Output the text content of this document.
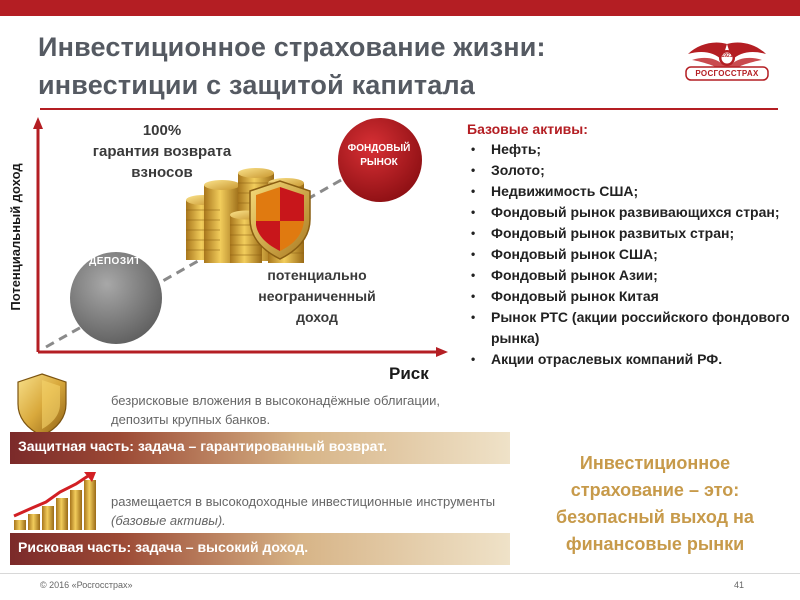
Инвестиционное страхование жизни:
инвестиции с защитой капитала	РОСГОССТРАХ
1921
Потенциальный доход
100%
гарантия возврата
взносов
ДЕПОЗИТ
ФОНДОВЫЙ
РЫНОК
потенциально
неограниченный
доход
Риск
Базовые активы:
• Нефть;
• Золото;
• Недвижимость США;
• Фондовый рынок развивающихся стран;
• Фондовый рынок развитых стран;
• Фондовый рынок США;
• Фондовый рынок Азии;
• Фондовый рынок Китая
• Рынок РТС (акции российского фондового рынка)
• Акции отраслевых компаний РФ.
безрисковые вложения в высоконадёжные облигации, депозиты крупных банков.
Защитная часть: задача – гарантированный возврат.
размещается в высокодоходные инвестиционные инструменты (базовые активы).
Рисковая часть: задача – высокий доход.
Инвестиционное
страхование – это:
безопасный выход на
финансовые рынки
© 2016 «Росгосстрах»	41
